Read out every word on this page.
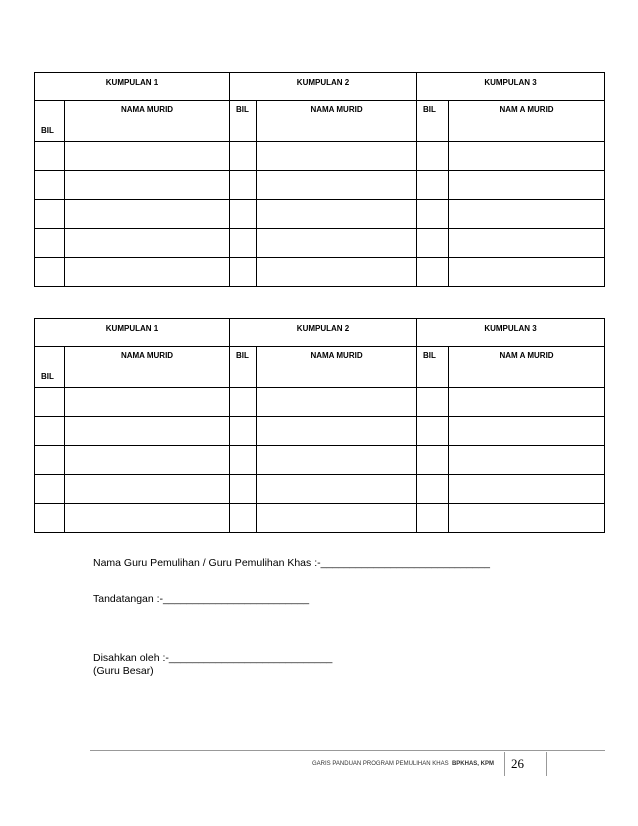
KUMPULAN 1		KUMPULAN 2		KUMPULAN 3	
BIL	NAMA MURID	BIL	NAMA MURID	BIL	NAM A MURID

KUMPULAN 1		KUMPULAN 2		KUMPULAN 3	
BIL	NAMA MURID	BIL	NAMA MURID	BIL	NAM A MURID

Nama Guru Pemulihan / Guru Pemulihan Khas :-_____________________________
Tandatangan :-_________________________
Disahkan oleh :-____________________________
(Guru Besar)
GARIS PANDUAN PROGRAM PEMULIHAN KHAS BPKHAS, KPM 26
